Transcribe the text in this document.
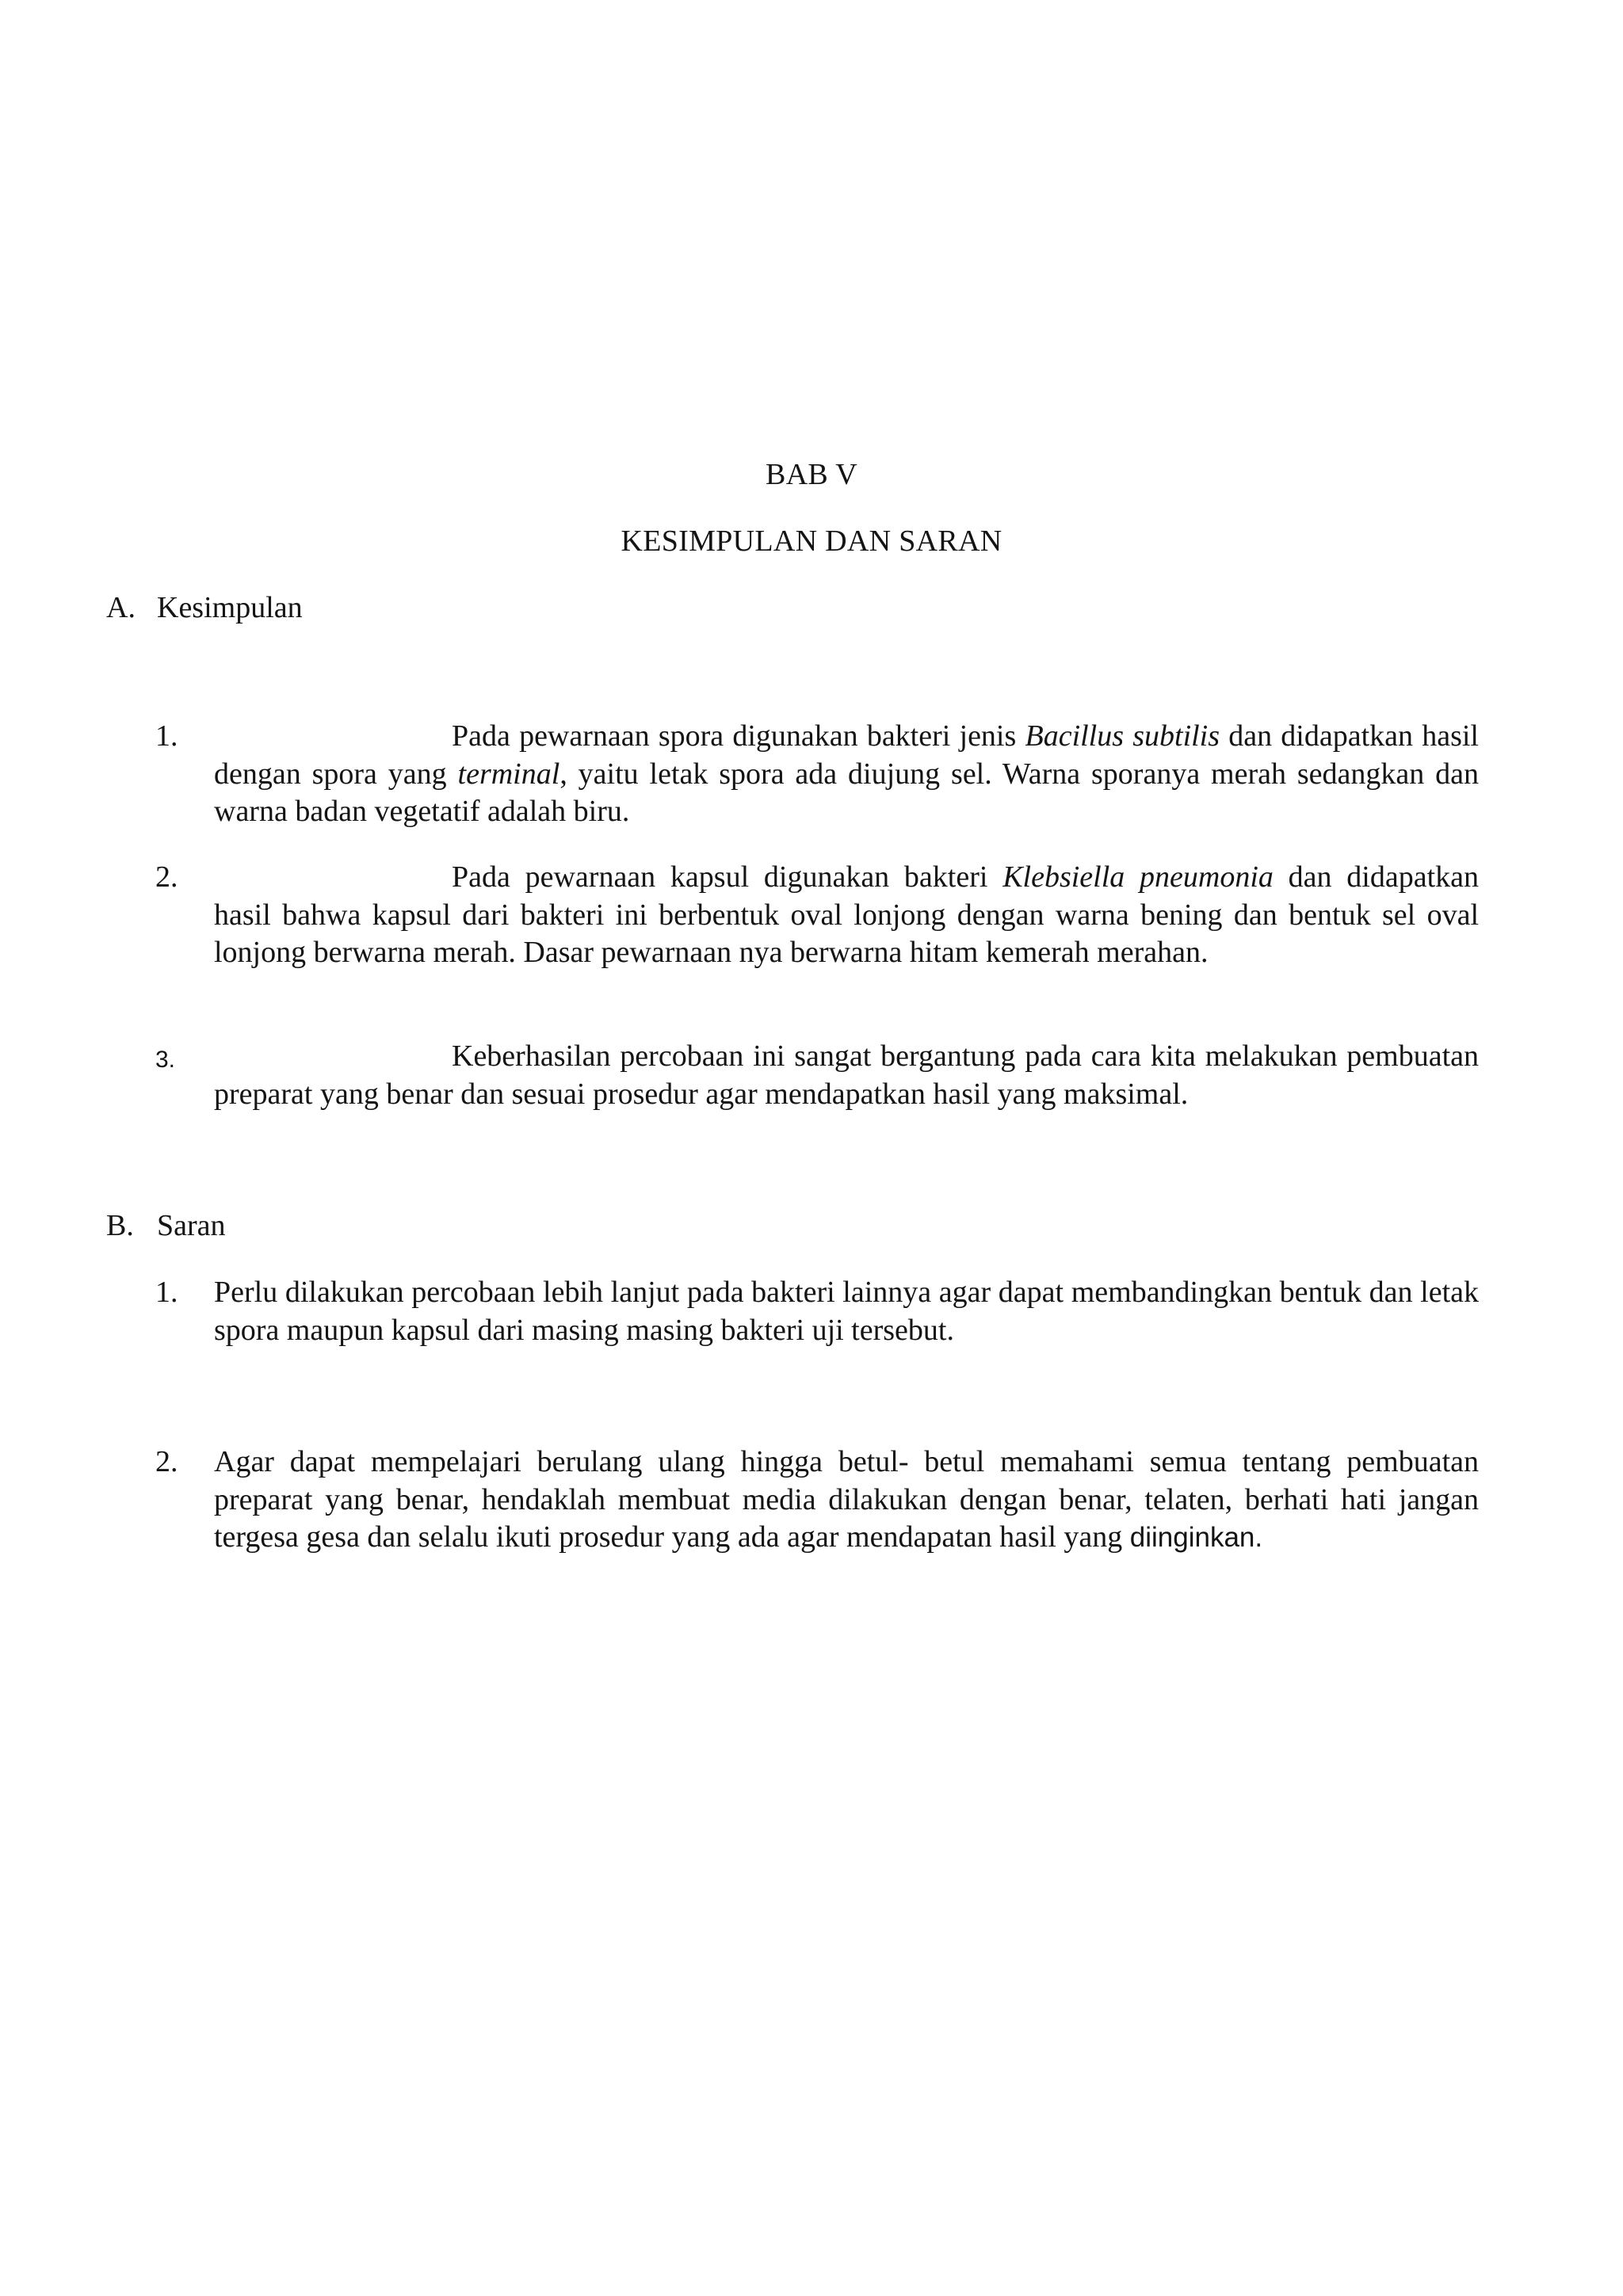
BAB V
KESIMPULAN DAN SARAN
A. Kesimpulan
1.	Pada pewarnaan spora digunakan bakteri jenis Bacillus subtilis dan didapatkan hasil dengan spora yang terminal, yaitu letak spora ada diujung sel. Warna sporanya merah sedangkan dan warna badan vegetatif adalah biru.
2.	Pada pewarnaan kapsul digunakan bakteri Klebsiella pneumonia dan didapatkan hasil bahwa kapsul dari bakteri ini berbentuk oval lonjong dengan warna bening dan bentuk sel oval lonjong berwarna merah. Dasar pewarnaan nya berwarna hitam kemerah merahan.
3.	Keberhasilan percobaan ini sangat bergantung pada cara kita melakukan pembuatan preparat yang benar dan sesuai prosedur agar mendapatkan hasil yang maksimal.
B. Saran
1. Perlu dilakukan percobaan lebih lanjut pada bakteri lainnya agar dapat membandingkan bentuk dan letak spora maupun kapsul dari masing masing bakteri uji tersebut.
2. Agar dapat mempelajari berulang ulang hingga betul- betul memahami semua tentang pembuatan preparat yang benar, hendaklah membuat media dilakukan dengan benar, telaten, berhati hati jangan tergesa gesa dan selalu ikuti prosedur yang ada agar mendapatan hasil yang diinginkan.
